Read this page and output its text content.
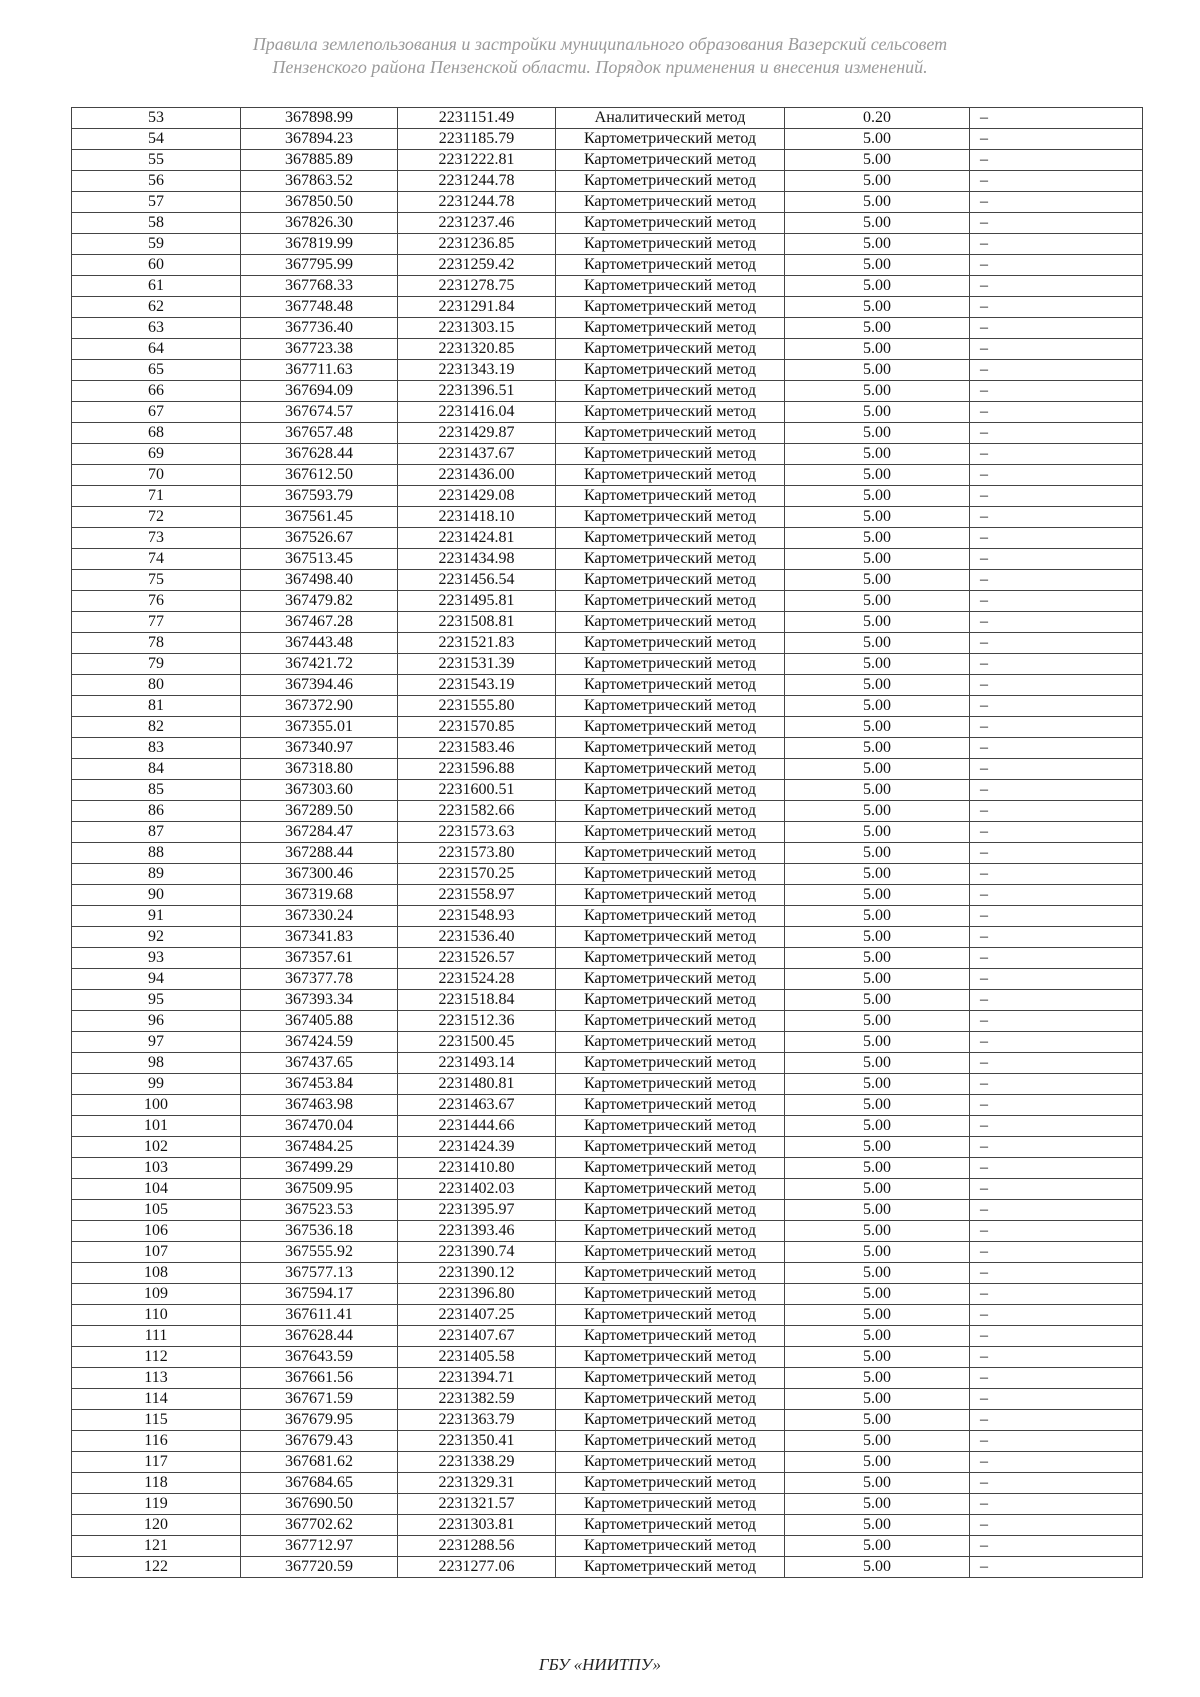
Правила землепользования и застройки муниципального образования Вазерский сельсовет
Пензенского района Пензенской области. Порядок применения и внесения изменений.
53	367898.99	2231151.49	Аналитический метод	0.20	–
54	367894.23	2231185.79	Картометрический метод	5.00	–
55	367885.89	2231222.81	Картометрический метод	5.00	–
56	367863.52	2231244.78	Картометрический метод	5.00	–
57	367850.50	2231244.78	Картометрический метод	5.00	–
58	367826.30	2231237.46	Картометрический метод	5.00	–
59	367819.99	2231236.85	Картометрический метод	5.00	–
60	367795.99	2231259.42	Картометрический метод	5.00	–
61	367768.33	2231278.75	Картометрический метод	5.00	–
62	367748.48	2231291.84	Картометрический метод	5.00	–
63	367736.40	2231303.15	Картометрический метод	5.00	–
64	367723.38	2231320.85	Картометрический метод	5.00	–
65	367711.63	2231343.19	Картометрический метод	5.00	–
66	367694.09	2231396.51	Картометрический метод	5.00	–
67	367674.57	2231416.04	Картометрический метод	5.00	–
68	367657.48	2231429.87	Картометрический метод	5.00	–
69	367628.44	2231437.67	Картометрический метод	5.00	–
70	367612.50	2231436.00	Картометрический метод	5.00	–
71	367593.79	2231429.08	Картометрический метод	5.00	–
72	367561.45	2231418.10	Картометрический метод	5.00	–
73	367526.67	2231424.81	Картометрический метод	5.00	–
74	367513.45	2231434.98	Картометрический метод	5.00	–
75	367498.40	2231456.54	Картометрический метод	5.00	–
76	367479.82	2231495.81	Картометрический метод	5.00	–
77	367467.28	2231508.81	Картометрический метод	5.00	–
78	367443.48	2231521.83	Картометрический метод	5.00	–
79	367421.72	2231531.39	Картометрический метод	5.00	–
80	367394.46	2231543.19	Картометрический метод	5.00	–
81	367372.90	2231555.80	Картометрический метод	5.00	–
82	367355.01	2231570.85	Картометрический метод	5.00	–
83	367340.97	2231583.46	Картометрический метод	5.00	–
84	367318.80	2231596.88	Картометрический метод	5.00	–
85	367303.60	2231600.51	Картометрический метод	5.00	–
86	367289.50	2231582.66	Картометрический метод	5.00	–
87	367284.47	2231573.63	Картометрический метод	5.00	–
88	367288.44	2231573.80	Картометрический метод	5.00	–
89	367300.46	2231570.25	Картометрический метод	5.00	–
90	367319.68	2231558.97	Картометрический метод	5.00	–
91	367330.24	2231548.93	Картометрический метод	5.00	–
92	367341.83	2231536.40	Картометрический метод	5.00	–
93	367357.61	2231526.57	Картометрический метод	5.00	–
94	367377.78	2231524.28	Картометрический метод	5.00	–
95	367393.34	2231518.84	Картометрический метод	5.00	–
96	367405.88	2231512.36	Картометрический метод	5.00	–
97	367424.59	2231500.45	Картометрический метод	5.00	–
98	367437.65	2231493.14	Картометрический метод	5.00	–
99	367453.84	2231480.81	Картометрический метод	5.00	–
100	367463.98	2231463.67	Картометрический метод	5.00	–
101	367470.04	2231444.66	Картометрический метод	5.00	–
102	367484.25	2231424.39	Картометрический метод	5.00	–
103	367499.29	2231410.80	Картометрический метод	5.00	–
104	367509.95	2231402.03	Картометрический метод	5.00	–
105	367523.53	2231395.97	Картометрический метод	5.00	–
106	367536.18	2231393.46	Картометрический метод	5.00	–
107	367555.92	2231390.74	Картометрический метод	5.00	–
108	367577.13	2231390.12	Картометрический метод	5.00	–
109	367594.17	2231396.80	Картометрический метод	5.00	–
110	367611.41	2231407.25	Картометрический метод	5.00	–
111	367628.44	2231407.67	Картометрический метод	5.00	–
112	367643.59	2231405.58	Картометрический метод	5.00	–
113	367661.56	2231394.71	Картометрический метод	5.00	–
114	367671.59	2231382.59	Картометрический метод	5.00	–
115	367679.95	2231363.79	Картометрический метод	5.00	–
116	367679.43	2231350.41	Картометрический метод	5.00	–
117	367681.62	2231338.29	Картометрический метод	5.00	–
118	367684.65	2231329.31	Картометрический метод	5.00	–
119	367690.50	2231321.57	Картометрический метод	5.00	–
120	367702.62	2231303.81	Картометрический метод	5.00	–
121	367712.97	2231288.56	Картометрический метод	5.00	–
122	367720.59	2231277.06	Картометрический метод	5.00	–
ГБУ «НИИТПУ»
